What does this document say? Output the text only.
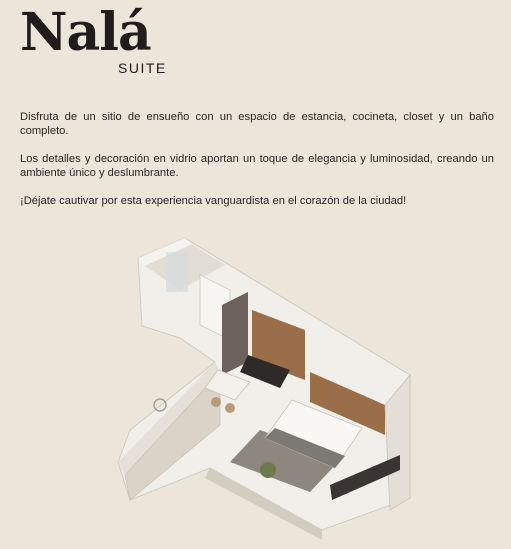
Nalá
SUITE

Disfruta de un sitio de ensueño con un espacio de estancia, cocineta, closet y un baño completo.

Los detalles y decoración en vidrio aportan un toque de elegancia y luminosidad, creando un ambiente único y deslumbrante.

¡Déjate cautivar por esta experiencia vanguardista en el corazón de la ciudad!
